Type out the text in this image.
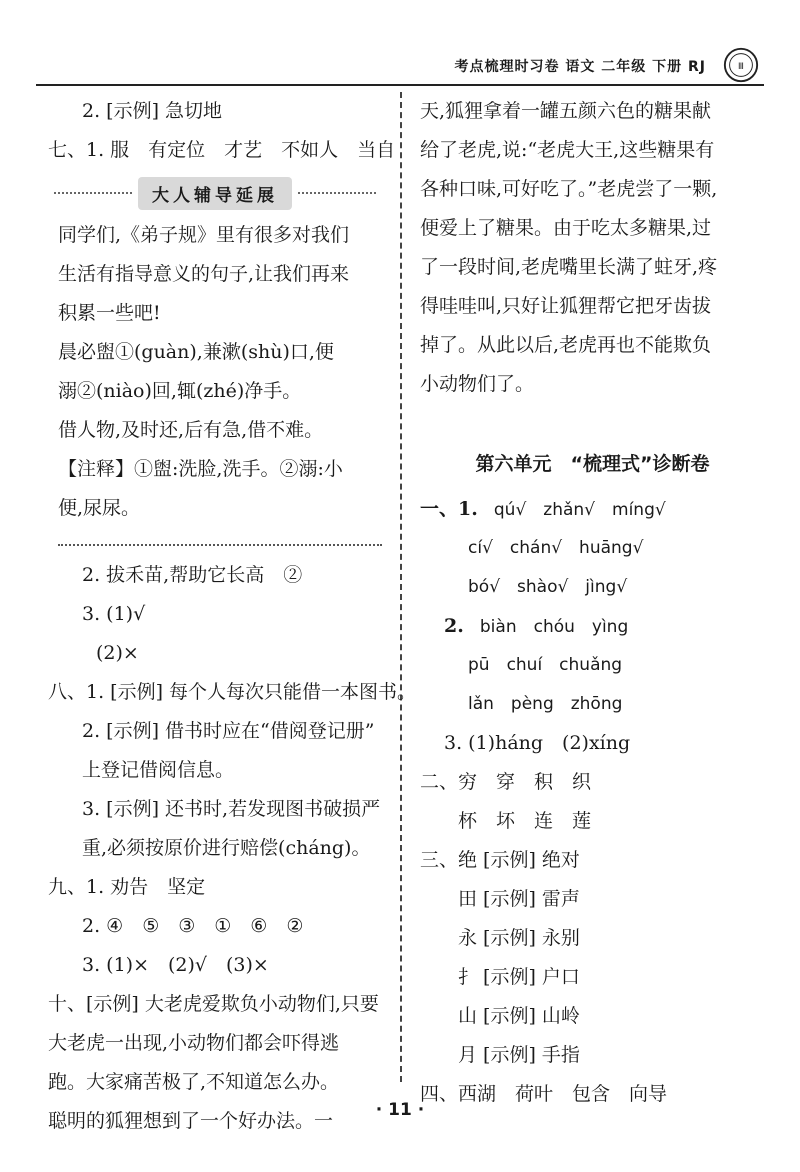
考点梳理时习卷 语文 二年级 下册 RJ	Ⅲ
2. [示例] 急切地
七、1. 服　有定位　才艺　不如人　当自
大人辅导延展
同学们,《弟子规》里有很多对我们
生活有指导意义的句子,让我们再来
积累一些吧!
晨必盥①(guàn),兼漱(shù)口,便
溺②(niào)回,辄(zhé)净手。
借人物,及时还,后有急,借不难。
【注释】①盥:洗脸,洗手。②溺:小
便,尿尿。
2. 拔禾苗,帮助它长高　②
3. (1)√
(2)×
八、1. [示例] 每个人每次只能借一本图书。
2. [示例] 借书时应在“借阅登记册”
上登记借阅信息。
3. [示例] 还书时,若发现图书破损严
重,必须按原价进行赔偿(cháng)。
九、1. 劝告　坚定
2. ④　⑤　③　①　⑥　②
3. (1)×　(2)√　(3)×
十、[示例] 大老虎爱欺负小动物们,只要
大老虎一出现,小动物们都会吓得逃
跑。大家痛苦极了,不知道怎么办。
聪明的狐狸想到了一个好办法。一
天,狐狸拿着一罐五颜六色的糖果献
给了老虎,说:“老虎大王,这些糖果有
各种口味,可好吃了。”老虎尝了一颗,
便爱上了糖果。由于吃太多糖果,过
了一段时间,老虎嘴里长满了蛀牙,疼
得哇哇叫,只好让狐狸帮它把牙齿拔
掉了。从此以后,老虎再也不能欺负
小动物们了。
第六单元　“梳理式”诊断卷
一、1. qú√　zhǎn√　míng√
cí√　chán√　huāng√
bó√　shào√　jìng√
2. biàn　chóu　yìng
pū　chuí　chuǎng
lǎn　pèng　zhōng
3. (1)háng　(2)xíng
二、穷　穿　积　织
杯　坏　连　莲
三、绝 [示例] 绝对
田 [示例] 雷声
永 [示例] 永别
扌 [示例] 户口
山 [示例] 山岭
月 [示例] 手指
四、西湖　荷叶　包含　向导
· 11 ·
